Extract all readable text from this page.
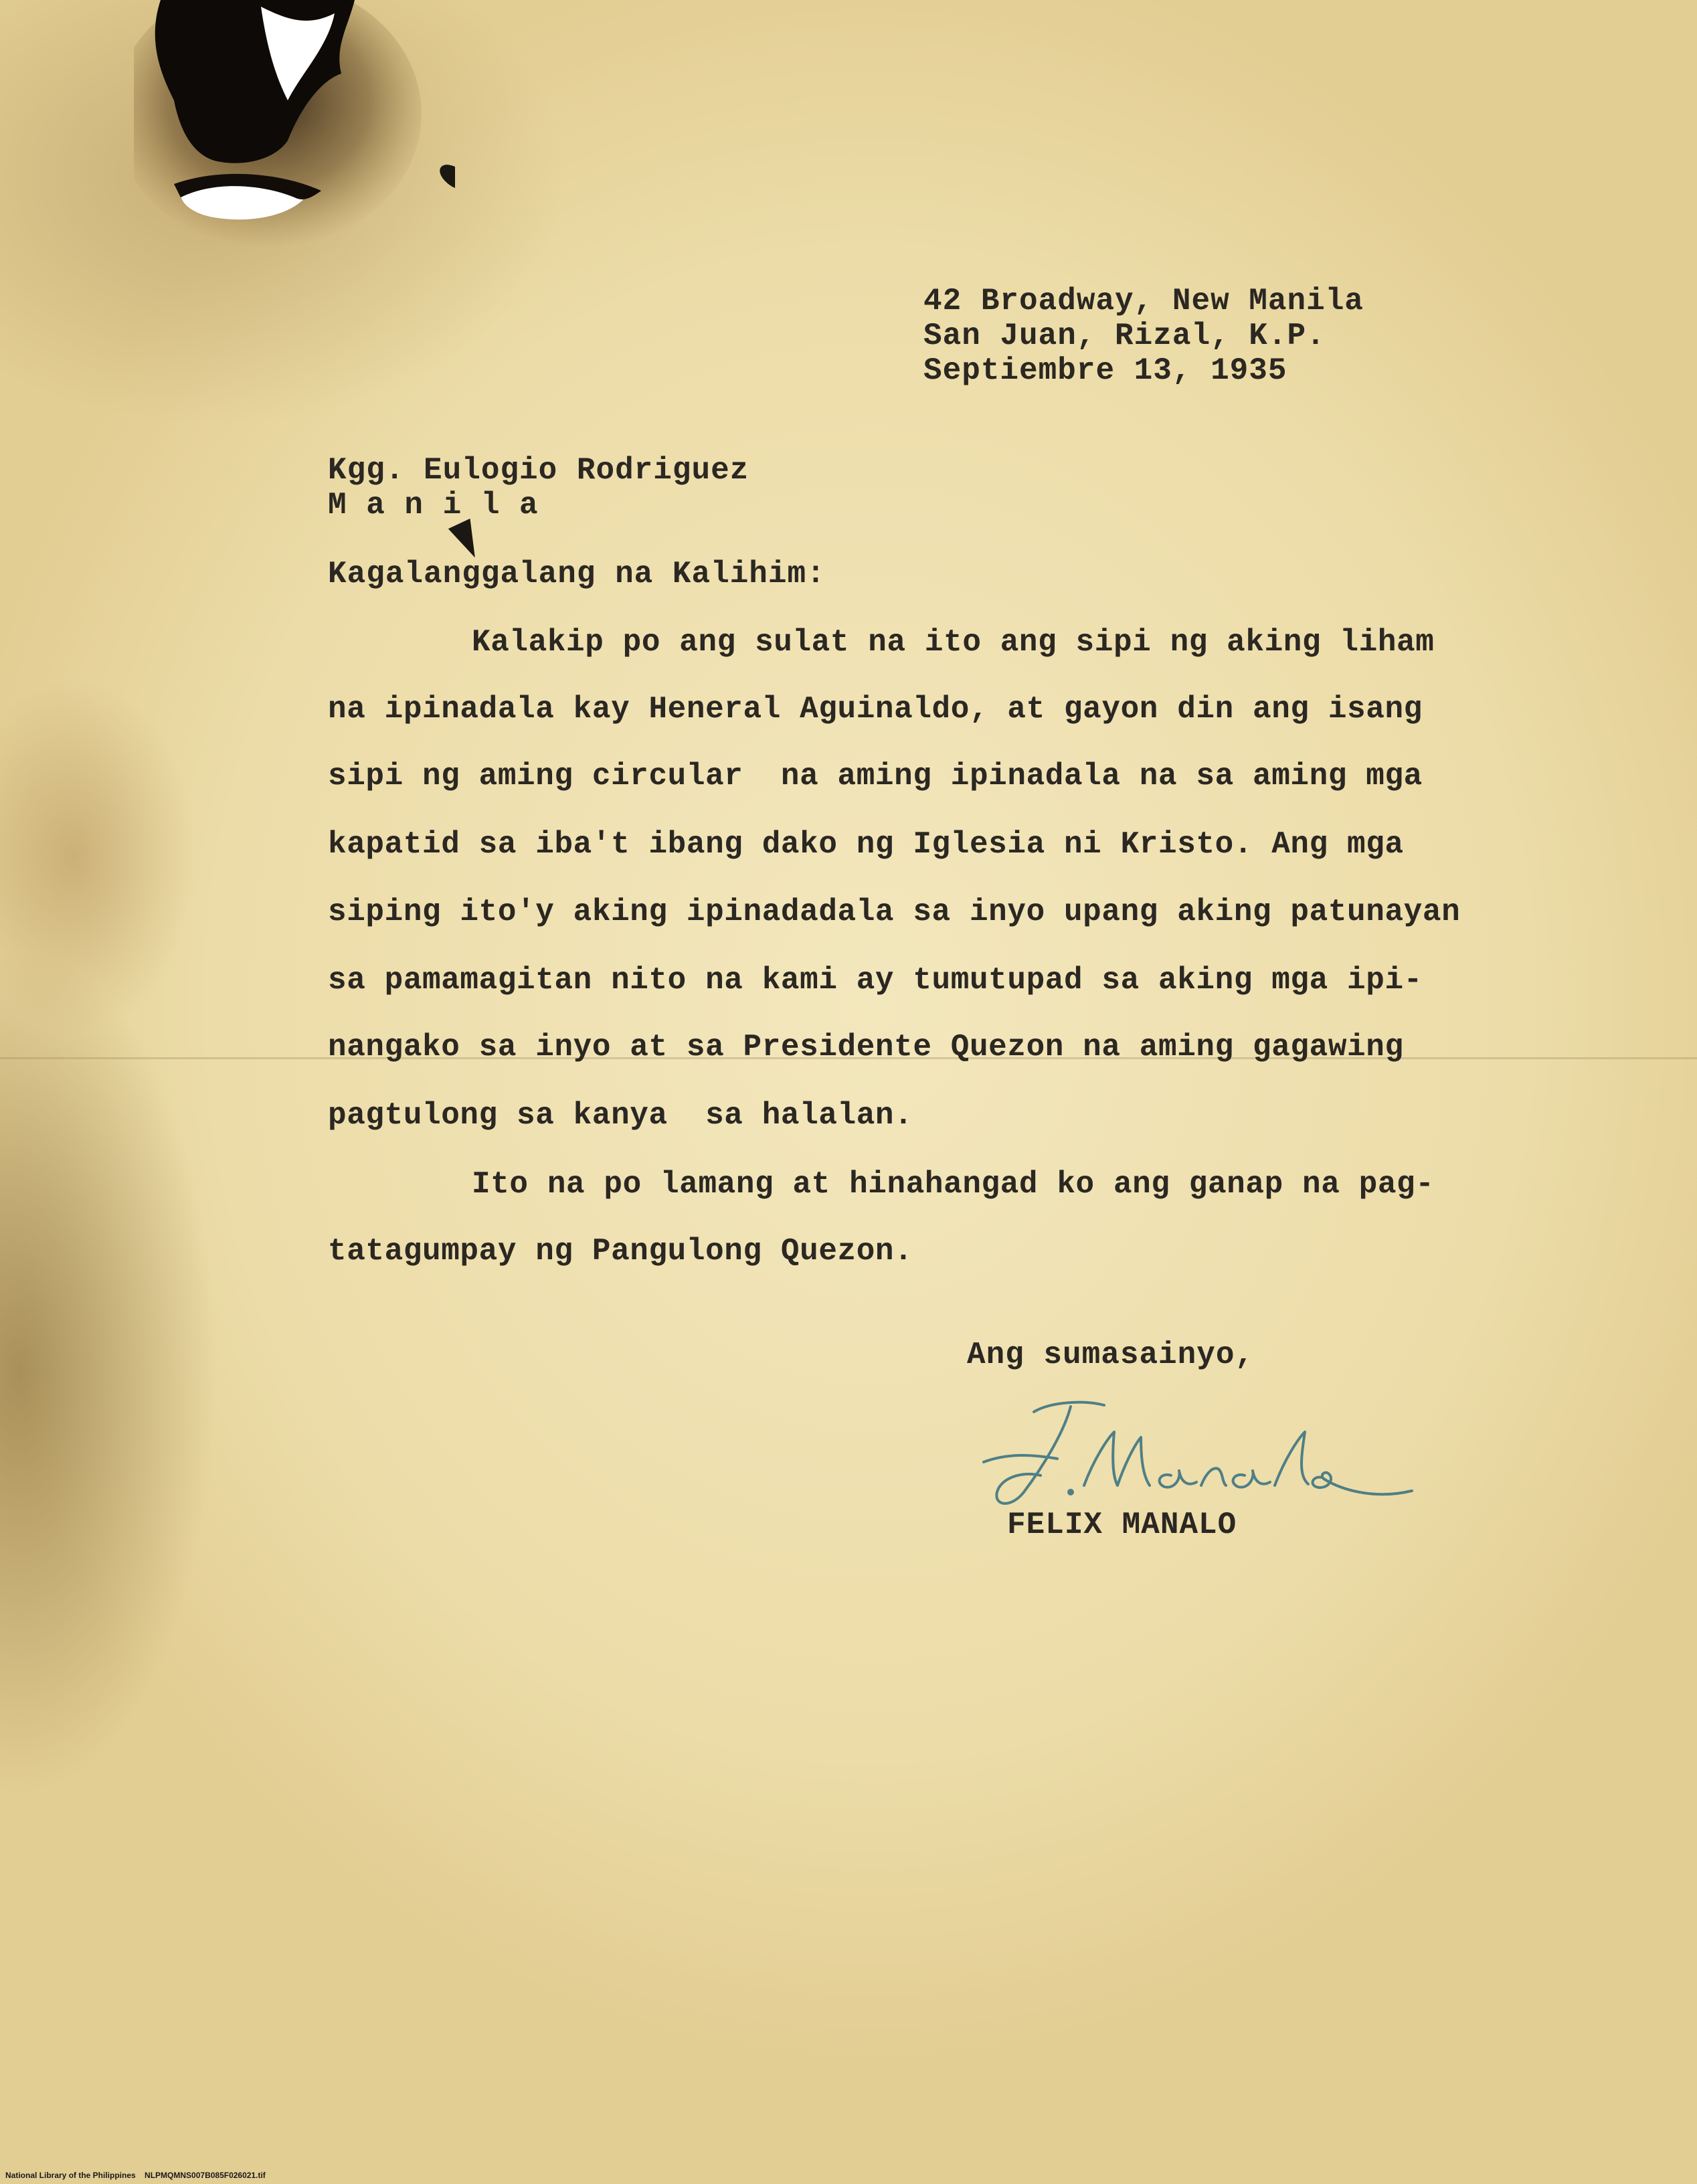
42 Broadway, New Manila
San Juan, Rizal, K.P.
Septiembre 13, 1935
Kgg. Eulogio Rodriguez
M a n i l a
Kagalanggalang na Kalihim:
Kalakip po ang sulat na ito ang sipi ng aking liham
na ipinadala kay Heneral Aguinaldo, at gayon din ang isang
sipi ng aming circular  na aming ipinadala na sa aming mga
kapatid sa iba't ibang dako ng Iglesia ni Kristo. Ang mga
siping ito'y aking ipinadadala sa inyo upang aking patunayan
sa pamamagitan nito na kami ay tumutupad sa aking mga ipi-
nangako sa inyo at sa Presidente Quezon na aming gagawing
pagtulong sa kanya  sa halalan.
Ito na po lamang at hinahangad ko ang ganap na pag-
tatagumpay ng Pangulong Quezon.
Ang sumasainyo,
FELIX MANALO
National Library of the Philippines NLPMQMNS007B085F026021.tif
